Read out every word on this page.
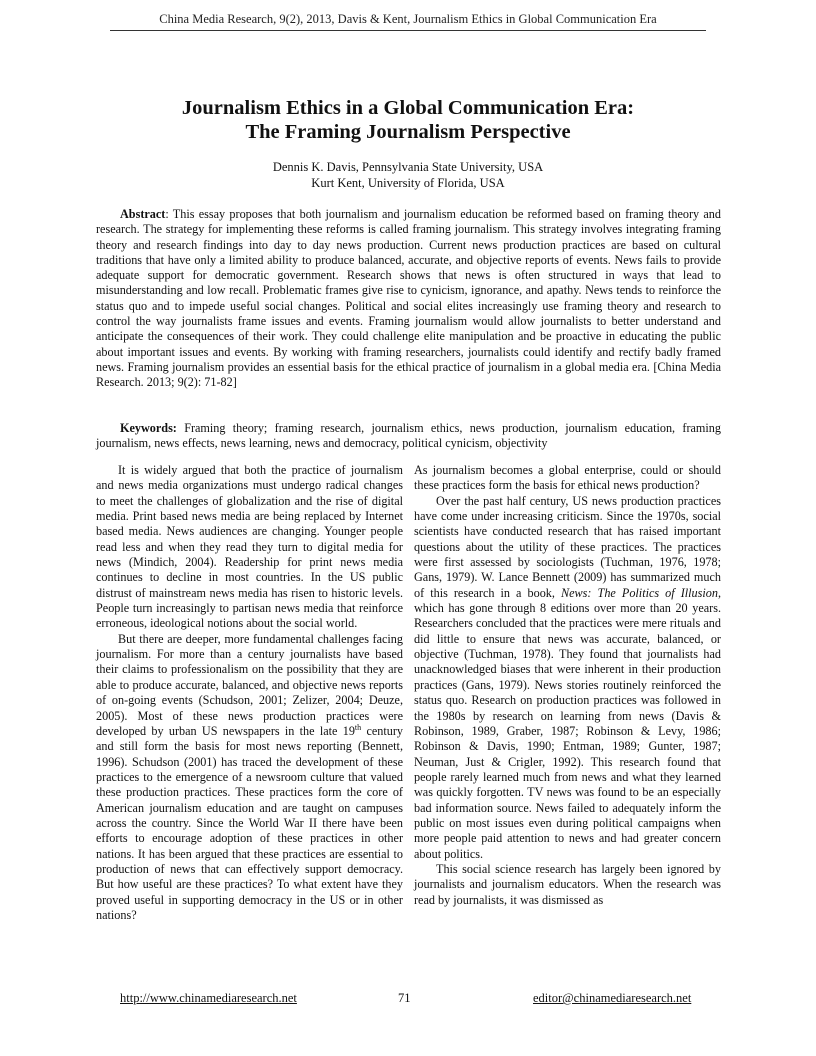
China Media Research, 9(2), 2013, Davis & Kent, Journalism Ethics in Global Communication Era
Journalism Ethics in a Global Communication Era:
The Framing Journalism Perspective
Dennis K. Davis, Pennsylvania State University, USA
Kurt Kent, University of Florida, USA

Abstract: This essay proposes that both journalism and journalism education be reformed based on framing theory and research. The strategy for implementing these reforms is called framing journalism. This strategy involves integrating framing theory and research findings into day to day news production. Current news production practices are based on cultural traditions that have only a limited ability to produce balanced, accurate, and objective reports of events. News fails to provide adequate support for democratic government. Research shows that news is often structured in ways that lead to misunderstanding and low recall. Problematic frames give rise to cynicism, ignorance, and apathy. News tends to reinforce the status quo and to impede useful social changes. Political and social elites increasingly use framing theory and research to control the way journalists frame issues and events. Framing journalism would allow journalists to better understand and anticipate the consequences of their work. They could challenge elite manipulation and be proactive in educating the public about important issues and events. By working with framing researchers, journalists could identify and rectify badly framed news. Framing journalism provides an essential basis for the ethical practice of journalism in a global media era. [China Media Research. 2013; 9(2): 71-82]

Keywords: Framing theory; framing research, journalism ethics, news production, journalism education, framing journalism, news effects, news learning, news and democracy, political cynicism, objectivity

It is widely argued that both the practice of journalism and news media organizations must undergo radical changes to meet the challenges of globalization and the rise of digital media. Print based news media are being replaced by Internet based media. News audiences are changing. Younger people read less and when they read they turn to digital media for news (Mindich, 2004). Readership for print news media continues to decline in most countries. In the US public distrust of mainstream news media has risen to historic levels. People turn increasingly to partisan news media that reinforce erroneous, ideological notions about the social world.

But there are deeper, more fundamental challenges facing journalism. For more than a century journalists have based their claims to professionalism on the possibility that they are able to produce accurate, balanced, and objective news reports of on-going events (Schudson, 2001; Zelizer, 2004; Deuze, 2005). Most of these news production practices were developed by urban US newspapers in the late 19th century and still form the basis for most news reporting (Bennett, 1996). Schudson (2001) has traced the development of these practices to the emergence of a newsroom culture that valued these production practices. These practices form the core of American journalism education and are taught on campuses across the country. Since the World War II there have been efforts to encourage adoption of these practices in other nations. It has been argued that these practices are essential to production of news that can effectively support democracy. But how useful are these practices? To what extent have they proved useful in supporting democracy in the US or in other nations?

As journalism becomes a global enterprise, could or should these practices form the basis for ethical news production?

Over the past half century, US news production practices have come under increasing criticism. Since the 1970s, social scientists have conducted research that has raised important questions about the utility of these practices. The practices were first assessed by sociologists (Tuchman, 1976, 1978; Gans, 1979). W. Lance Bennett (2009) has summarized much of this research in a book, News: The Politics of Illusion, which has gone through 8 editions over more than 20 years. Researchers concluded that the practices were mere rituals and did little to ensure that news was accurate, balanced, or objective (Tuchman, 1978). They found that journalists had unacknowledged biases that were inherent in their production practices (Gans, 1979). News stories routinely reinforced the status quo. Research on production practices was followed in the 1980s by research on learning from news (Davis & Robinson, 1989, Graber, 1987; Robinson & Levy, 1986; Robinson & Davis, 1990; Entman, 1989; Gunter, 1987; Neuman, Just & Crigler, 1992). This research found that people rarely learned much from news and what they learned was quickly forgotten. TV news was found to be an especially bad information source. News failed to adequately inform the public on most issues even during political campaigns when more people paid attention to news and had greater concern about politics.

This social science research has largely been ignored by journalists and journalism educators. When the research was read by journalists, it was dismissed as

http://www.chinamediaresearch.net	71	editor@chinamediaresearch.net
